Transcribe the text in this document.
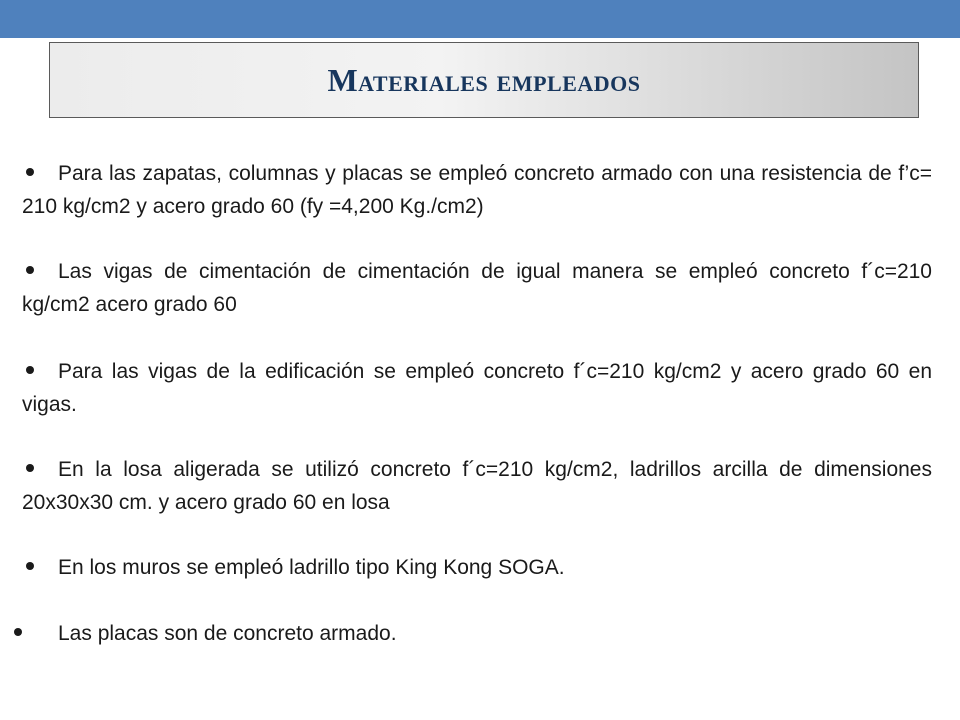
Materiales empleados
Para las zapatas, columnas y placas se empleó concreto armado con una resistencia de f’c= 210 kg/cm2 y acero grado 60 (fy =4,200 Kg./cm2)
Las vigas de cimentación de cimentación de igual manera se empleó concreto f´c=210 kg/cm2 acero grado 60
Para las vigas de la edificación se empleó concreto f´c=210 kg/cm2 y acero grado 60 en vigas.
En la losa aligerada se utilizó concreto f´c=210 kg/cm2, ladrillos arcilla de dimensiones 20x30x30 cm. y acero grado 60 en losa
En los muros se empleó ladrillo tipo King Kong SOGA.
Las placas son de concreto armado.
